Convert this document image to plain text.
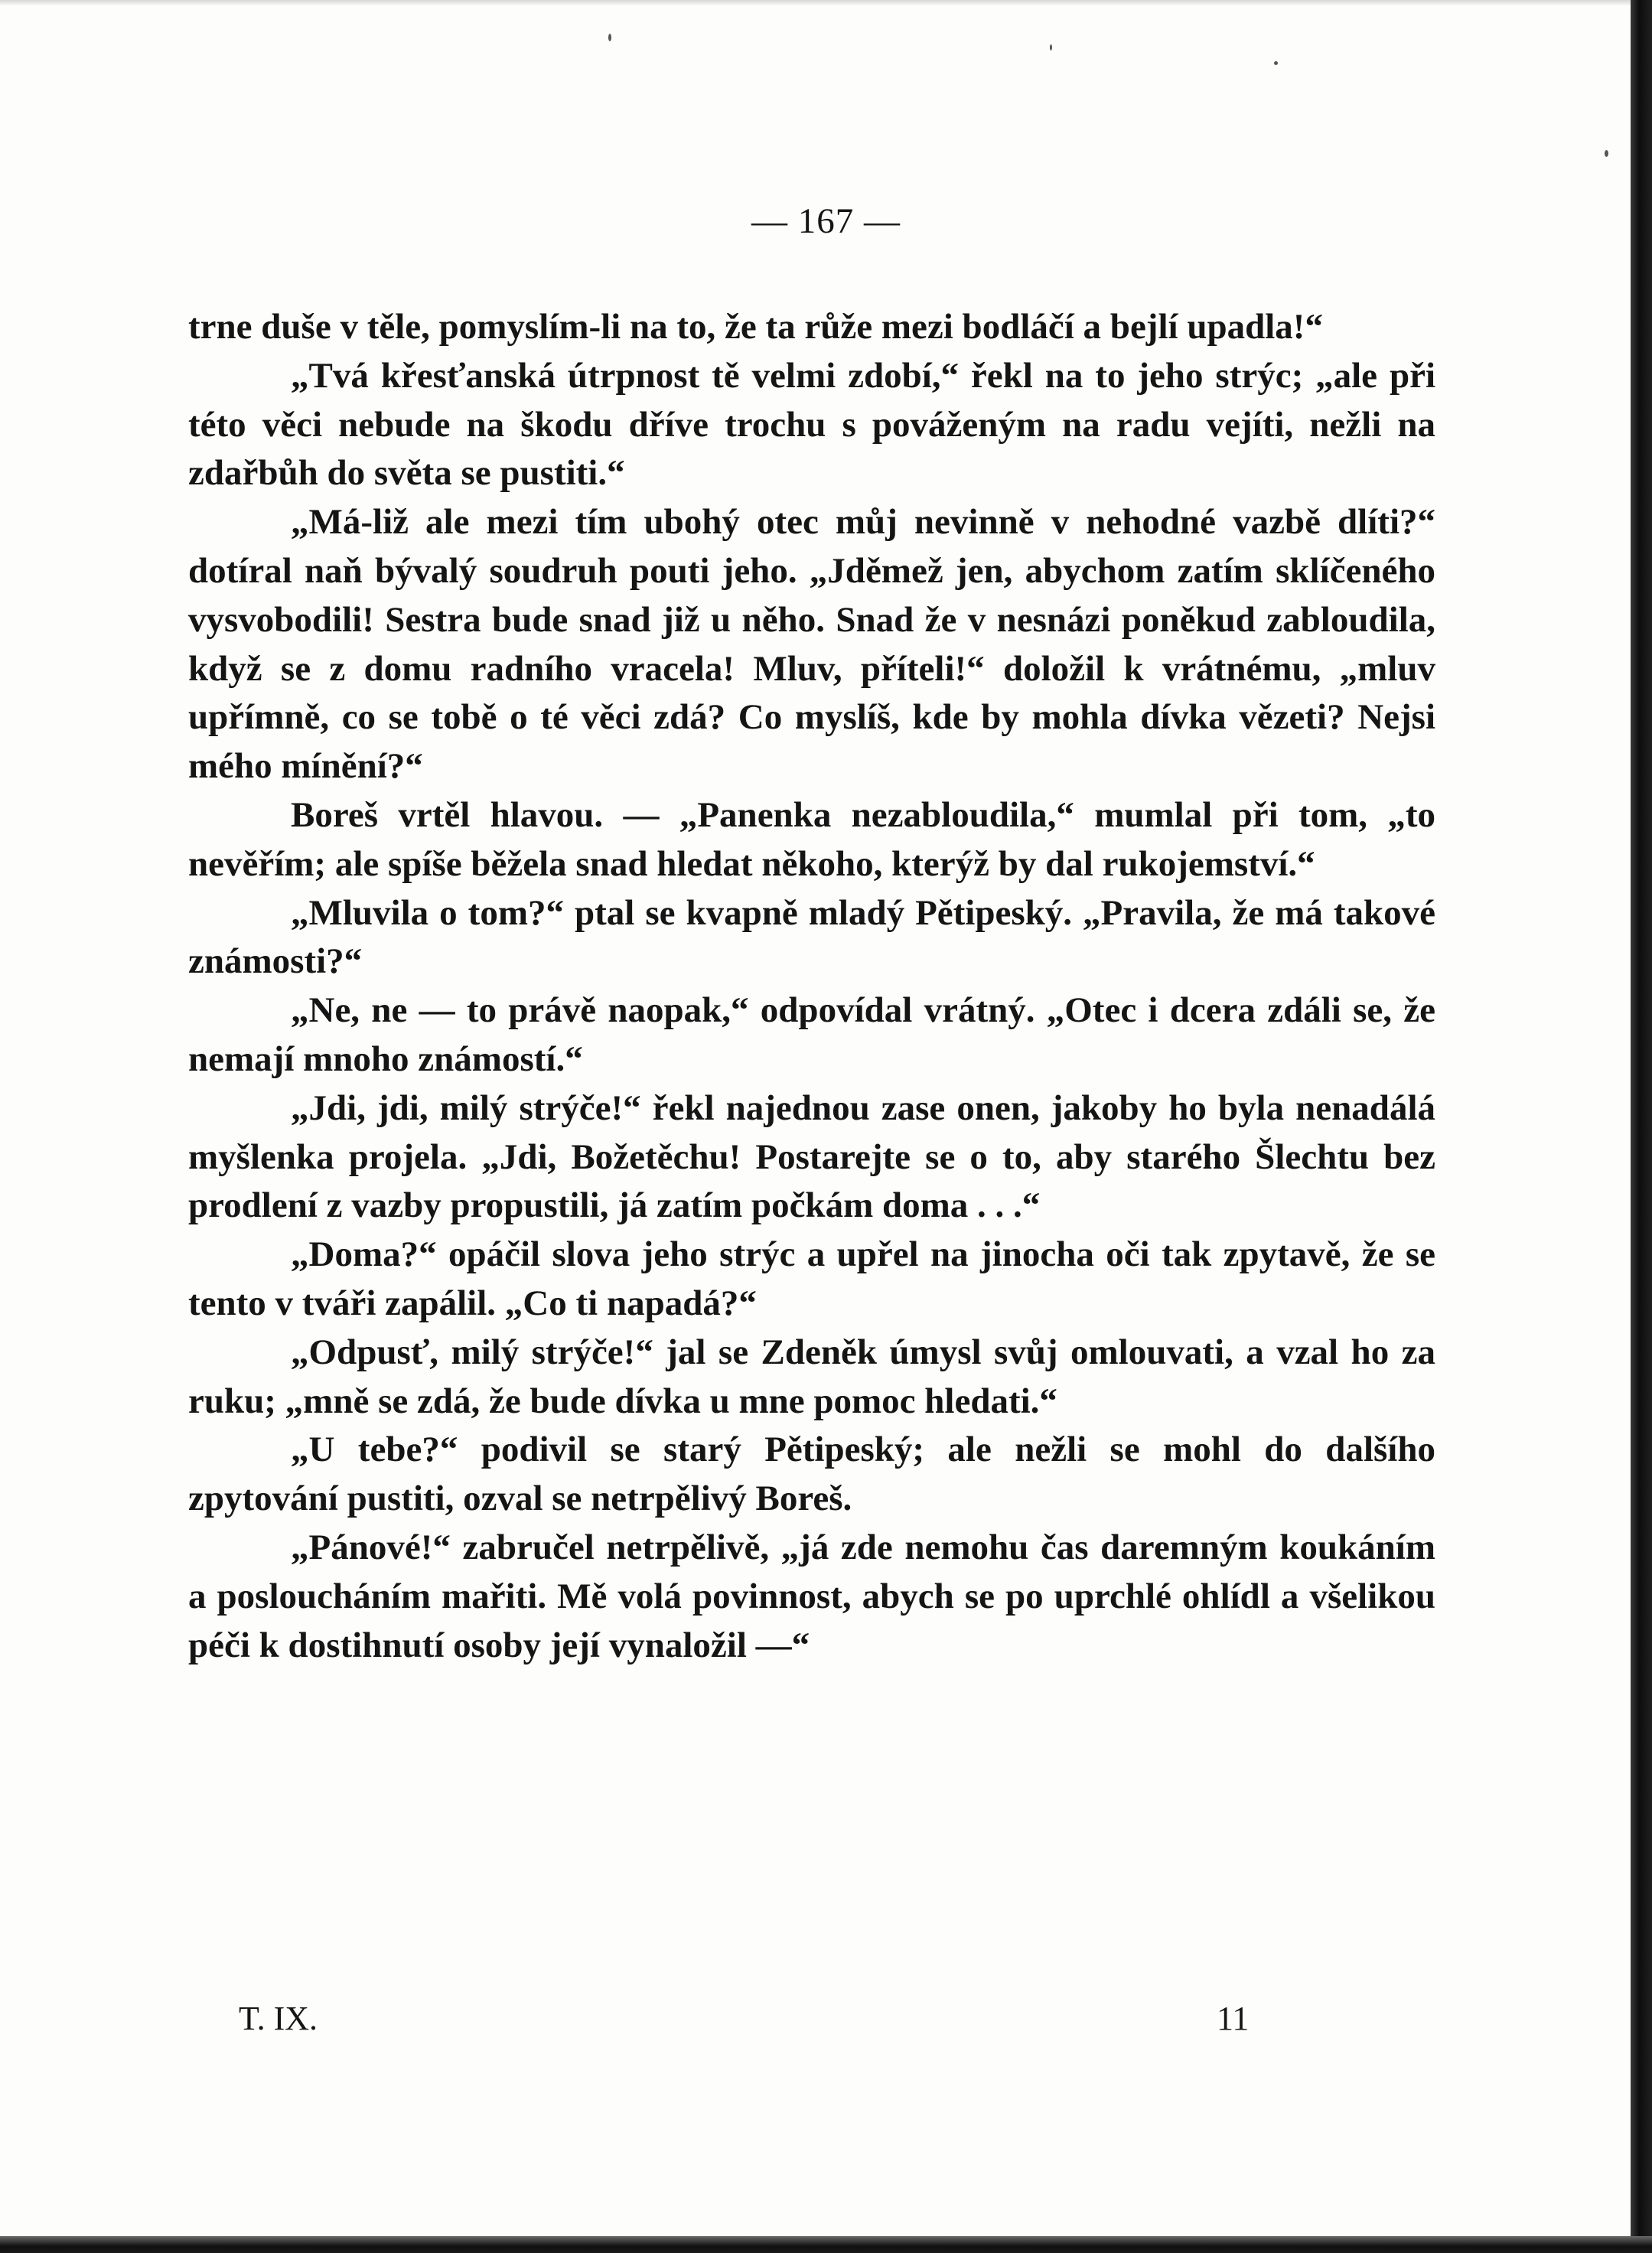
— 167 —

trne duše v těle, pomyslím-li na to, že ta růže mezi bodláčí a bejlí upadla!“

„Tvá křesťanská útrpnost tě velmi zdobí,“ řekl na to jeho strýc; „ale při této věci nebude na škodu dříve trochu s pováženým na radu vejíti, nežli na zdařbůh do světa se pustiti.“

„Má-liž ale mezi tím ubohý otec můj nevinně v nehodné vazbě dlíti?“ dotíral naň bývalý soudruh pouti jeho. „Jděmež jen, abychom zatím sklíčeného vysvobodili! Sestra bude snad již u něho. Snad že v nesnázi poněkud zabloudila, když se z domu radního vracela! Mluv, příteli!“ doložil k vrátnému, „mluv upřímně, co se tobě o té věci zdá? Co myslíš, kde by mohla dívka vězeti? Nejsi mého mínění?“

Boreš vrtěl hlavou. — „Panenka nezabloudila,“ mumlal při tom, „to nevěřím; ale spíše běžela snad hledat někoho, kterýž by dal rukojemství.“

„Mluvila o tom?“ ptal se kvapně mladý Pětipeský. „Pravila, že má takové známosti?“

„Ne, ne — to právě naopak,“ odpovídal vrátný. „Otec i dcera zdáli se, že nemají mnoho známostí.“

„Jdi, jdi, milý strýče!“ řekl najednou zase onen, jakoby ho byla nenadálá myšlenka projela. „Jdi, Božetěchu! Postarejte se o to, aby starého Šlechtu bez prodlení z vazby propustili, já zatím počkám doma . . .“

„Doma?“ opáčil slova jeho strýc a upřel na jinocha oči tak zpytavě, že se tento v tváři zapálil. „Co ti napadá?“

„Odpusť, milý strýče!“ jal se Zdeněk úmysl svůj omlouvati, a vzal ho za ruku; „mně se zdá, že bude dívka u mne pomoc hledati.“

„U tebe?“ podivil se starý Pětipeský; ale nežli se mohl do dalšího zpytování pustiti, ozval se netrpělivý Boreš.

„Pánové!“ zabručel netrpělivě, „já zde nemohu čas daremným koukáním a posloucháním mařiti. Mě volá povinnost, abych se po uprchlé ohlídl a všelikou péči k dostihnutí osoby její vynaložil —“

T. IX.	11
